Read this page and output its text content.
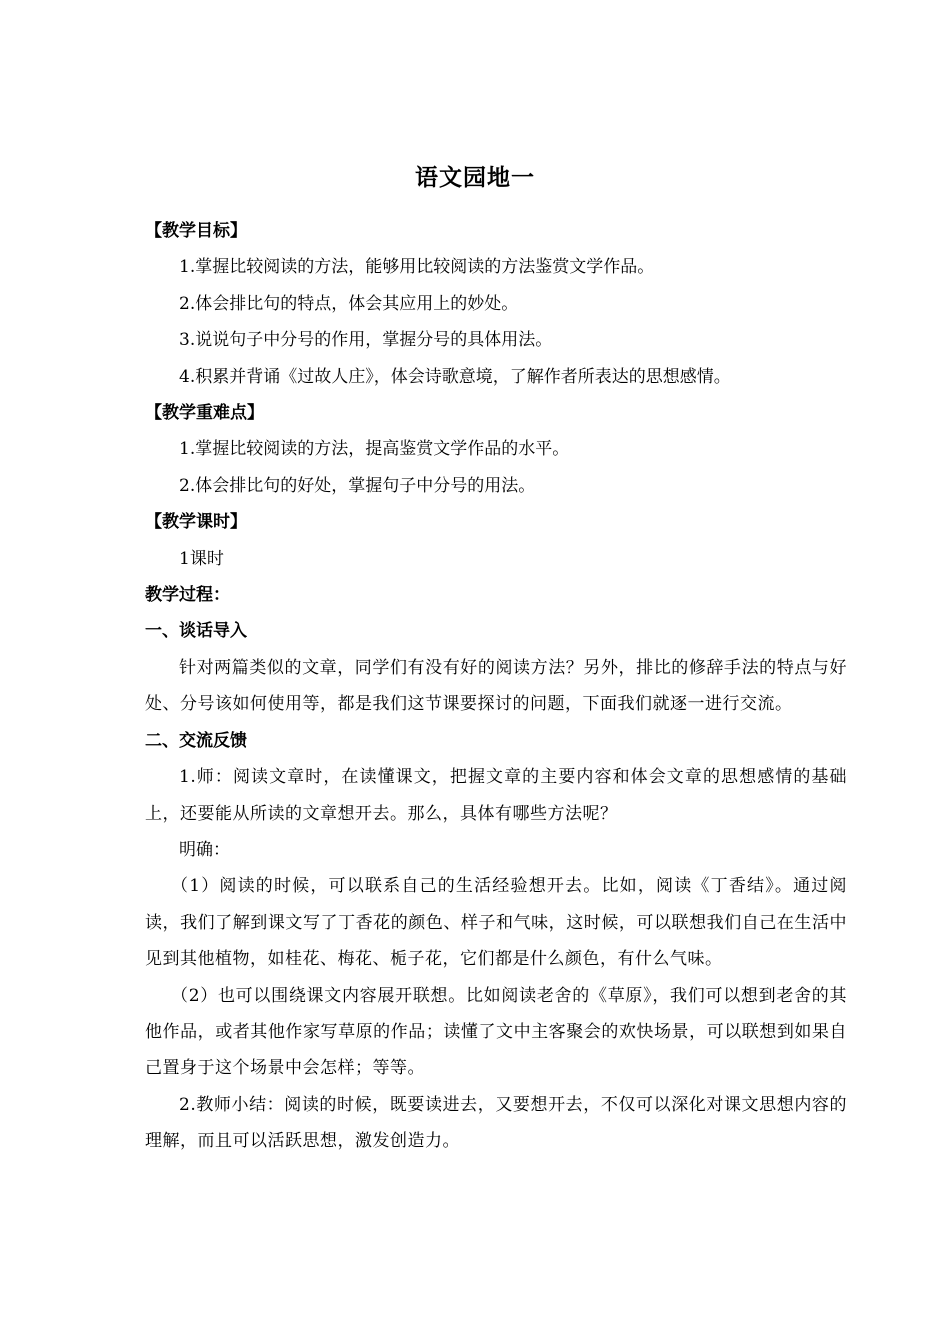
语文园地一
【教学目标】
1.掌握比较阅读的方法，能够用比较阅读的方法鉴赏文学作品。
2.体会排比句的特点，体会其应用上的妙处。
3.说说句子中分号的作用，掌握分号的具体用法。
4.积累并背诵《过故人庄》，体会诗歌意境，了解作者所表达的思想感情。
【教学重难点】
1.掌握比较阅读的方法，提高鉴赏文学作品的水平。
2.体会排比句的好处，掌握句子中分号的用法。
【教学课时】
1课时
教学过程：
一、谈话导入
针对两篇类似的文章，同学们有没有好的阅读方法？另外，排比的修辞手法的特点与好处、分号该如何使用等，都是我们这节课要探讨的问题，下面我们就逐一进行交流。
二、交流反馈
1.师：阅读文章时，在读懂课文，把握文章的主要内容和体会文章的思想感情的基础上，还要能从所读的文章想开去。那么，具体有哪些方法呢？
明确：
（1）阅读的时候，可以联系自己的生活经验想开去。比如，阅读《丁香结》。通过阅读，我们了解到课文写了丁香花的颜色、样子和气味，这时候，可以联想我们自己在生活中见到其他植物，如桂花、梅花、栀子花，它们都是什么颜色，有什么气味。
（2）也可以围绕课文内容展开联想。比如阅读老舍的《草原》，我们可以想到老舍的其他作品，或者其他作家写草原的作品；读懂了文中主客聚会的欢快场景，可以联想到如果自己置身于这个场景中会怎样；等等。
2.教师小结：阅读的时候，既要读进去，又要想开去，不仅可以深化对课文思想内容的理解，而且可以活跃思想，激发创造力。
